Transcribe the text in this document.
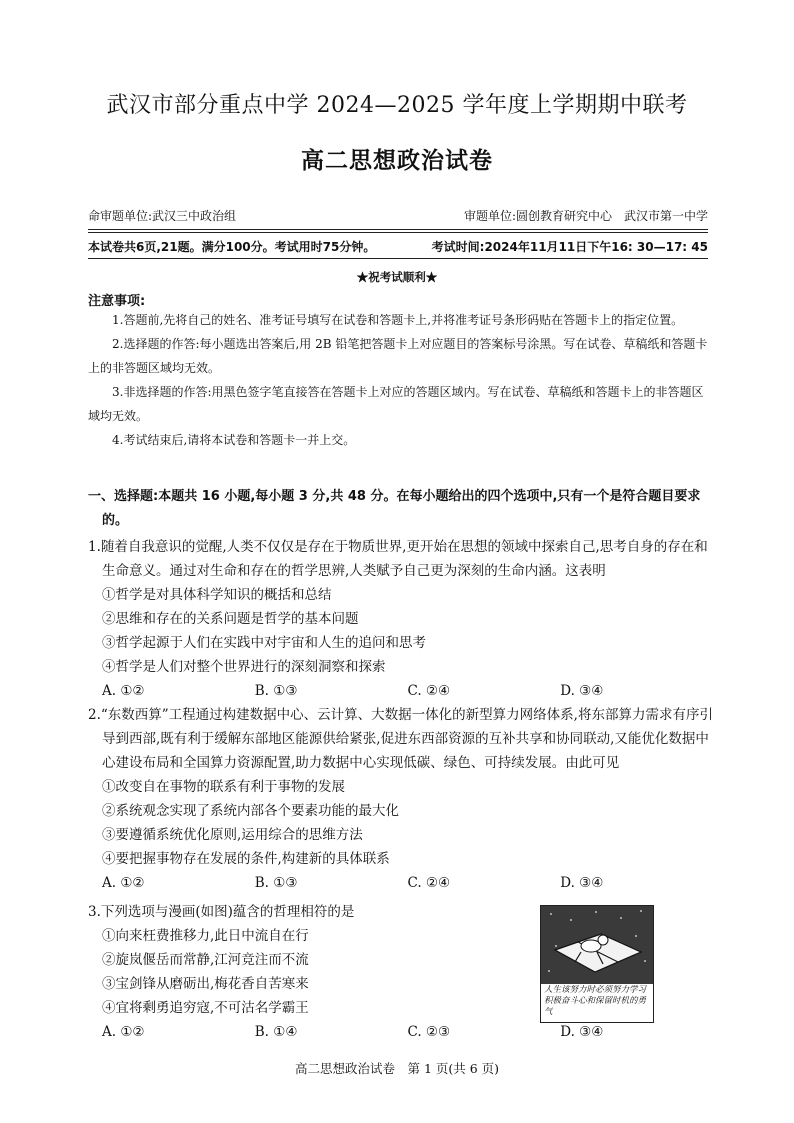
武汉市部分重点中学 2024—2025 学年度上学期期中联考
高二思想政治试卷
命审题单位:武汉三中政治组	审题单位:圆创教育研究中心　武汉市第一中学
本试卷共6页,21题。满分100分。考试用时75分钟。	考试时间:2024年11月11日下午16: 30—17: 45
★祝考试顺利★
注意事项:
1.答题前,先将自己的姓名、准考证号填写在试卷和答题卡上,并将准考证号条形码贴在答题卡上的指定位置。
2.选择题的作答:每小题选出答案后,用 2B 铅笔把答题卡上对应题目的答案标号涂黑。写在试卷、草稿纸和答题卡上的非答题区域均无效。
3.非选择题的作答:用黑色签字笔直接答在答题卡上对应的答题区域内。写在试卷、草稿纸和答题卡上的非答题区域均无效。
4.考试结束后,请将本试卷和答题卡一并上交。
一、选择题:本题共 16 小题,每小题 3 分,共 48 分。在每小题给出的四个选项中,只有一个是符合题目要求的。
1.随着自我意识的觉醒,人类不仅仅是存在于物质世界,更开始在思想的领域中探索自己,思考自身的存在和生命意义。通过对生命和存在的哲学思辨,人类赋予自己更为深刻的生命内涵。这表明
①哲学是对具体科学知识的概括和总结
②思维和存在的关系问题是哲学的基本问题
③哲学起源于人们在实践中对宇宙和人生的追问和思考
④哲学是人们对整个世界进行的深刻洞察和探索
A. ①②	B. ①③	C. ②④	D. ③④
2.“东数西算”工程通过构建数据中心、云计算、大数据一体化的新型算力网络体系,将东部算力需求有序引导到西部,既有利于缓解东部地区能源供给紧张,促进东西部资源的互补共享和协同联动,又能优化数据中心建设布局和全国算力资源配置,助力数据中心实现低碳、绿色、可持续发展。由此可见
①改变自在事物的联系有利于事物的发展
②系统观念实现了系统内部各个要素功能的最大化
③要遵循系统优化原则,运用综合的思维方法
④要把握事物存在发展的条件,构建新的具体联系
A. ①②	B. ①③	C. ②④	D. ③④
3.下列选项与漫画(如图)蕴含的哲理相符的是
①向来枉费推移力,此日中流自在行
②旋岚偃岳而常静,江河竞注而不流
③宝剑锋从磨砺出,梅花香自苦寒来
④宜将剩勇追穷寇,不可沽名学霸王
A. ①②	B. ①④	C. ②③	D. ③④
人生该努力时必须努力学习积极奋斗心和保留时机的勇气
高二思想政治试卷　第 1 页(共 6 页)
